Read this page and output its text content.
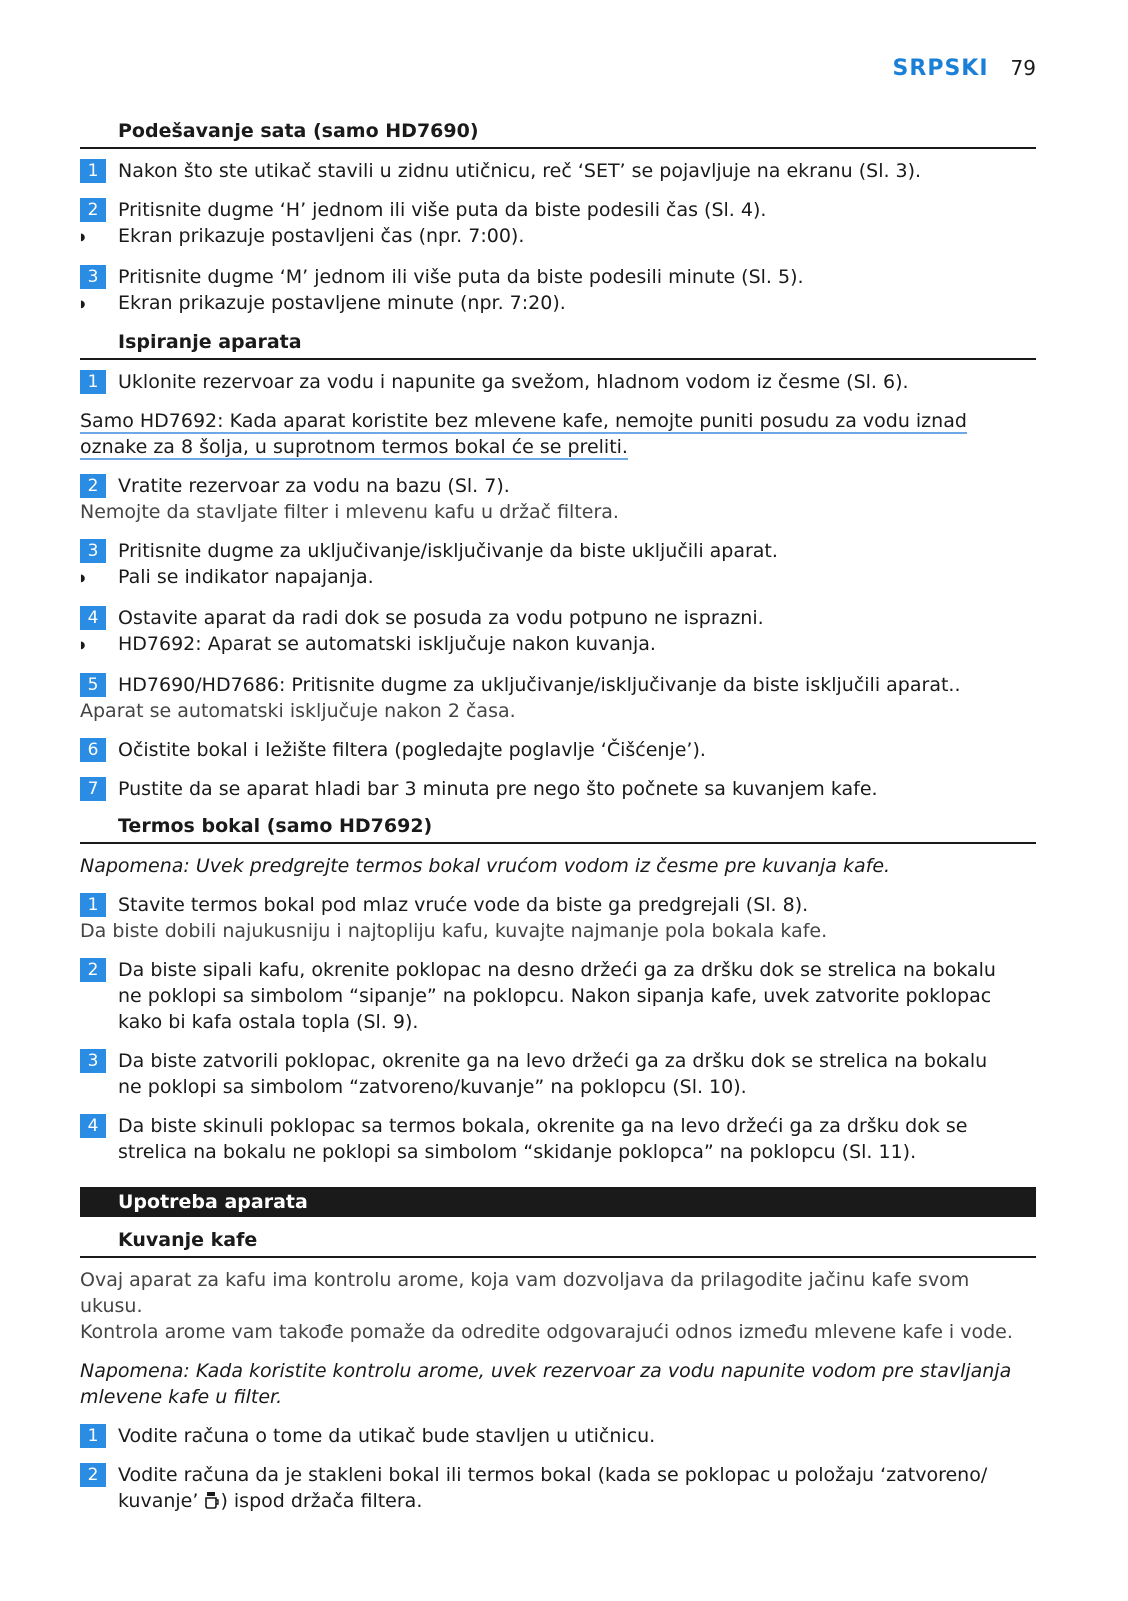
SRPSKI 79
Podešavanje sata (samo HD7690)
1	Nakon što ste utikač stavili u zidnu utičnicu, reč ‘SET’ se pojavljuje na ekranu (Sl. 3).
2	Pritisnite dugme ‘H’ jednom ili više puta da biste podesili čas (Sl. 4).
◗	Ekran prikazuje postavljeni čas (npr. 7:00).
3	Pritisnite dugme ‘M’ jednom ili više puta da biste podesili minute (Sl. 5).
◗	Ekran prikazuje postavljene minute (npr. 7:20).
Ispiranje aparata
1	Uklonite rezervoar za vodu i napunite ga svežom, hladnom vodom iz česme (Sl. 6).
Samo HD7692: Kada aparat koristite bez mlevene kafe, nemojte puniti posudu za vodu iznad
oznake za 8 šolja, u suprotnom termos bokal će se preliti.
2	Vratite rezervoar za vodu na bazu (Sl. 7).
Nemojte da stavljate filter i mlevenu kafu u držač filtera.
3	Pritisnite dugme za uključivanje/isključivanje da biste uključili aparat.
◗	Pali se indikator napajanja.
4	Ostavite aparat da radi dok se posuda za vodu potpuno ne isprazni.
◗	HD7692: Aparat se automatski isključuje nakon kuvanja.
5	HD7690/HD7686: Pritisnite dugme za uključivanje/isključivanje da biste isključili aparat..
Aparat se automatski isključuje nakon 2 časa.
6	Očistite bokal i ležište filtera (pogledajte poglavlje ‘Čišćenje’).
7	Pustite da se aparat hladi bar 3 minuta pre nego što počnete sa kuvanjem kafe.
Termos bokal (samo HD7692)
Napomena: Uvek predgrejte termos bokal vrućom vodom iz česme pre kuvanja kafe.
1	Stavite termos bokal pod mlaz vruće vode da biste ga predgrejali (Sl. 8).
Da biste dobili najukusniju i najtopliju kafu, kuvajte najmanje pola bokala kafe.
2	Da biste sipali kafu, okrenite poklopac na desno držeći ga za dršku dok se strelica na bokalu
ne poklopi sa simbolom “sipanje” na poklopcu. Nakon sipanja kafe, uvek zatvorite poklopac
kako bi kafa ostala topla (Sl. 9).
3	Da biste zatvorili poklopac, okrenite ga na levo držeći ga za dršku dok se strelica na bokalu
ne poklopi sa simbolom “zatvoreno/kuvanje” na poklopcu (Sl. 10).
4	Da biste skinuli poklopac sa termos bokala, okrenite ga na levo držeći ga za dršku dok se
strelica na bokalu ne poklopi sa simbolom “skidanje poklopca” na poklopcu (Sl. 11).
Upotreba aparata
Kuvanje kafe
Ovaj aparat za kafu ima kontrolu arome, koja vam dozvoljava da prilagodite jačinu kafe svom ukusu.
Kontrola arome vam takođe pomaže da odredite odgovarajući odnos između mlevene kafe i vode.
Napomena: Kada koristite kontrolu arome, uvek rezervoar za vodu napunite vodom pre stavljanja
mlevene kafe u filter.
1	Vodite računa o tome da utikač bude stavljen u utičnicu.
2	Vodite računa da je stakleni bokal ili termos bokal (kada se poklopac u položaju ‘zatvoreno/
kuvanje’ ) ispod držača filtera.
